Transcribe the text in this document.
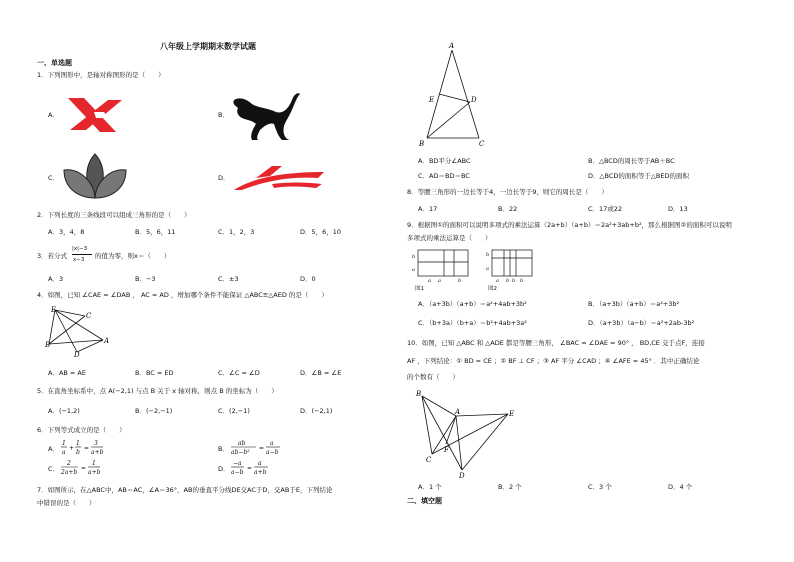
八年级上学期期末数学试题
一、单选题
1．下列图形中，是轴对称图形的是（　　）
A．	B．
C．	D．
2．下列长度的三条线段可以组成三角形的是（　　）
A．3，4，8	B．5，6，11	C．1，2，3	D．5，6，10
3．若分式
|x|−3
x−3 的值为零，则x＝（　　）
A．3	B．−3	C．±3	D．0
4．如图，已知 ∠CAE = ∠DAB ， AC = AD ，增加哪个条件不能保证 △ABC≌△AED 的是（　　）
E
C
B
D
A
A．AB = AE	B．BC = ED	C．∠C = ∠D	D．∠B = ∠E
5．在直角坐标系中，点 A(−2,1) 与点 B 关于 x 轴对称，则点 B 的坐标为（　　）
A．(−1,2)	B．(−2,−1)	C．(2,−1)	D．(−2,1)
6．下列等式成立的是（　　）
A．
1
a
+
1
b
=
3
a+b	B．
ab
ab−b²
=
a
a−b
C．
2
2a+b
=
1
a+b	D．
−a
a−b
=
a
a+b
7．如图所示，在△ABC中，AB＝AC，∠A＝36°，AB的垂直平分线DE交AC于D，交AB于E，下列结论
中错误的是（　　）
A
E	D
B	C
A．BD平分∠ABC	B．△BCD的周长等于AB＋BC
C．AD＝BD＝BC	D．△BCD的面积等于△BED的面积
8．等腰三角形的一边长等于4，一边长等于9，则它的周长是（　　）
A．17	B．22	C．17或22	D．13
9．根据图①的面积可以说明多项式的乘法运算（2a+b）（a+b）＝2a²+3ab+b²，那么根据图②的面积可以说明
多项式的乘法运算是（　　）
b
a
a a	b
b
a
a b b b
图1	图2
A．（a+3b）（a+b）＝a²+4ab+3b²	B．（a+3b）（a+b）＝a²+3b²
C．（b+3a）（b+a）＝b²+4ab+3a²	D．（a+3b）（a−b）＝a²+2ab-3b²
10．如图，已知 △ABC 和 △ADE 都是等腰三角形， ∠BAC = ∠DAE = 90° ， BD,CE 交于点F，连接
AF ，下列结论：① BD = CE ；② BF ⊥ CF ；③ AF 平分 ∠CAD ；④ ∠AFE = 45° ．其中正确结论
的个数有（　　）
B
A	E
F
C
D
A．1 个	B．2 个	C．3 个	D．4 个
二、填空题
